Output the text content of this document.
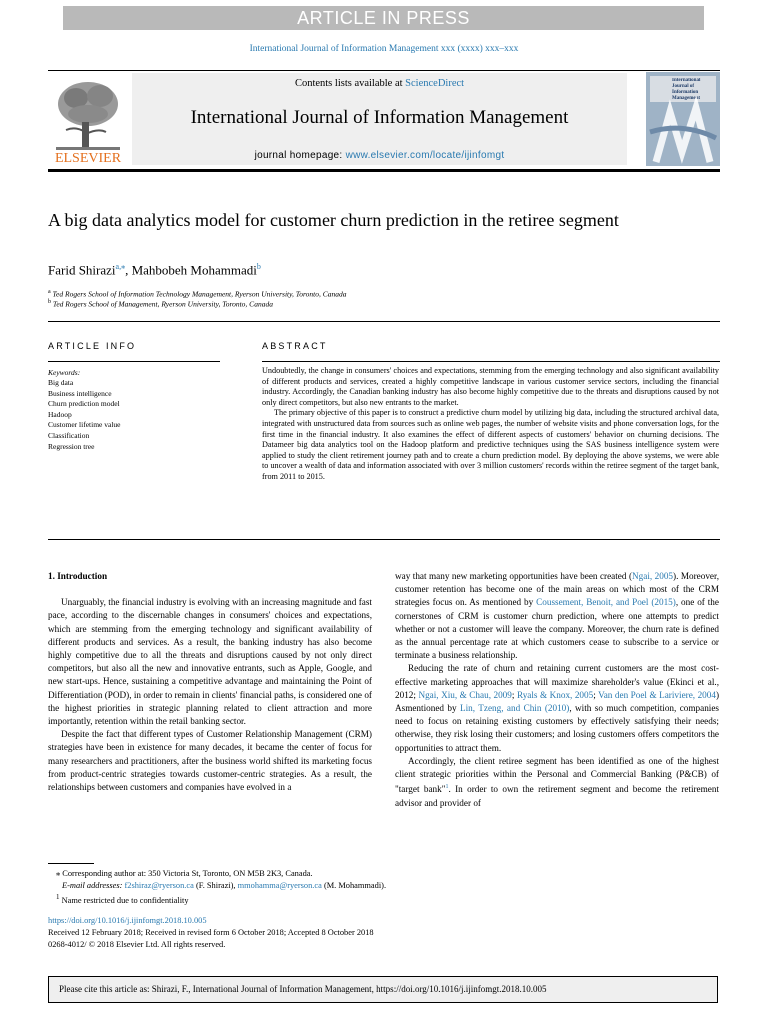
ARTICLE IN PRESS
International Journal of Information Management xxx (xxxx) xxx–xxx
ELSEVIER
Contents lists available at ScienceDirect
International Journal of Information Management
journal homepage: www.elsevier.com/locate/ijinfomgt
International Journal of Information Management
A big data analytics model for customer churn prediction in the retiree segment
Farid Shirazi$^{a,⁎}$, Mahbobeh Mohammadi$^b$
$^a$ Ted Rogers School of Information Technology Management, Ryerson University, Toronto, Canada
$^b$ Ted Rogers School of Management, Ryerson University, Toronto, Canada
ARTICLE INFO	ABSTRACT
Keywords:
Big data
Business intelligence
Churn prediction model
Hadoop
Customer lifetime value
Classification
Regression tree

Undoubtedly, the change in consumers' choices and expectations, stemming from the emerging technology and also significant availability of different products and services, created a highly competitive landscape in various customer service sectors, including the financial industry. Accordingly, the Canadian banking industry has also become highly competitive due to the threats and disruptions caused by not only direct competitors, but also new entrants to the market.

The primary objective of this paper is to construct a predictive churn model by utilizing big data, including the structured archival data, integrated with unstructured data from sources such as online web pages, the number of website visits and phone conversation logs, for the first time in the financial industry. It also examines the effect of different aspects of customers' behavior on churning decisions. The Datameer big data analytics tool on the Hadoop platform and predictive techniques using the SAS business intelligence system were applied to study the client retirement journey path and to create a churn prediction model. By deploying the above systems, we were able to uncover a wealth of data and information associated with over 3 million customers' records within the retiree segment of the target bank, from 2011 to 2015.

1. Introduction

Unarguably, the financial industry is evolving with an increasing magnitude and fast pace, according to the discernable changes in consumers' choices and expectations, which are stemming from the emerging technology and significant availability of different products and services. As a result, the banking industry has also become highly competitive due to all the threats and disruptions caused by not only direct competitors, but also all the new and innovative entrants, such as Apple, Google, and new start-ups. Hence, sustaining a competitive advantage and maintaining the Point of Differentiation (POD), in order to remain in clients' financial paths, is considered one of the highest priorities in strategic planning related to client attraction and more importantly, retention within the retail banking sector.

Despite the fact that different types of Customer Relationship Management (CRM) strategies have been in existence for many decades, it became the center of focus for many researchers and practitioners, after the business world shifted its marketing focus from product-centric strategies towards customer-centric strategies. As a result, the relationships between customers and companies have evolved in a

way that many new marketing opportunities have been created (Ngai, 2005). Moreover, customer retention has become one of the main areas on which most of the CRM strategies focus on. As mentioned by Coussement, Benoit, and Poel (2015), one of the cornerstones of CRM is customer churn prediction, where one attempts to predict whether or not a customer will leave the company. Moreover, the churn rate is defined as the annual percentage rate at which customers cease to subscribe to a service or terminate a business relationship.

Reducing the rate of churn and retaining current customers are the most cost-effective marketing approaches that will maximize shareholder's value (Ekinci et al., 2012; Ngai, Xiu, & Chau, 2009; Ryals & Knox, 2005; Van den Poel & Lariviere, 2004) Asmentioned by Lin, Tzeng, and Chin (2010), with so much competition, companies need to focus on retaining existing customers by effectively satisfying their needs; otherwise, they risk losing their customers; and losing customers offers competitors the opportunities to attract them.

Accordingly, the client retiree segment has been identified as one of the highest client strategic priorities within the Personal and Commercial Banking (P&CB) of "target bank"$^1$. In order to own the retirement segment and become the retirement advisor and provider of

⁎ Corresponding author at: 350 Victoria St, Toronto, ON M5B 2K3, Canada.
E-mail addresses: f2shiraz@ryerson.ca (F. Shirazi), mmohamma@ryerson.ca (M. Mohammadi).
$^1$ Name restricted due to confidentiality
https://doi.org/10.1016/j.ijinfomgt.2018.10.005
Received 12 February 2018; Received in revised form 6 October 2018; Accepted 8 October 2018
0268-4012/ © 2018 Elsevier Ltd. All rights reserved.
Please cite this article as: Shirazi, F., International Journal of Information Management, https://doi.org/10.1016/j.ijinfomgt.2018.10.005
